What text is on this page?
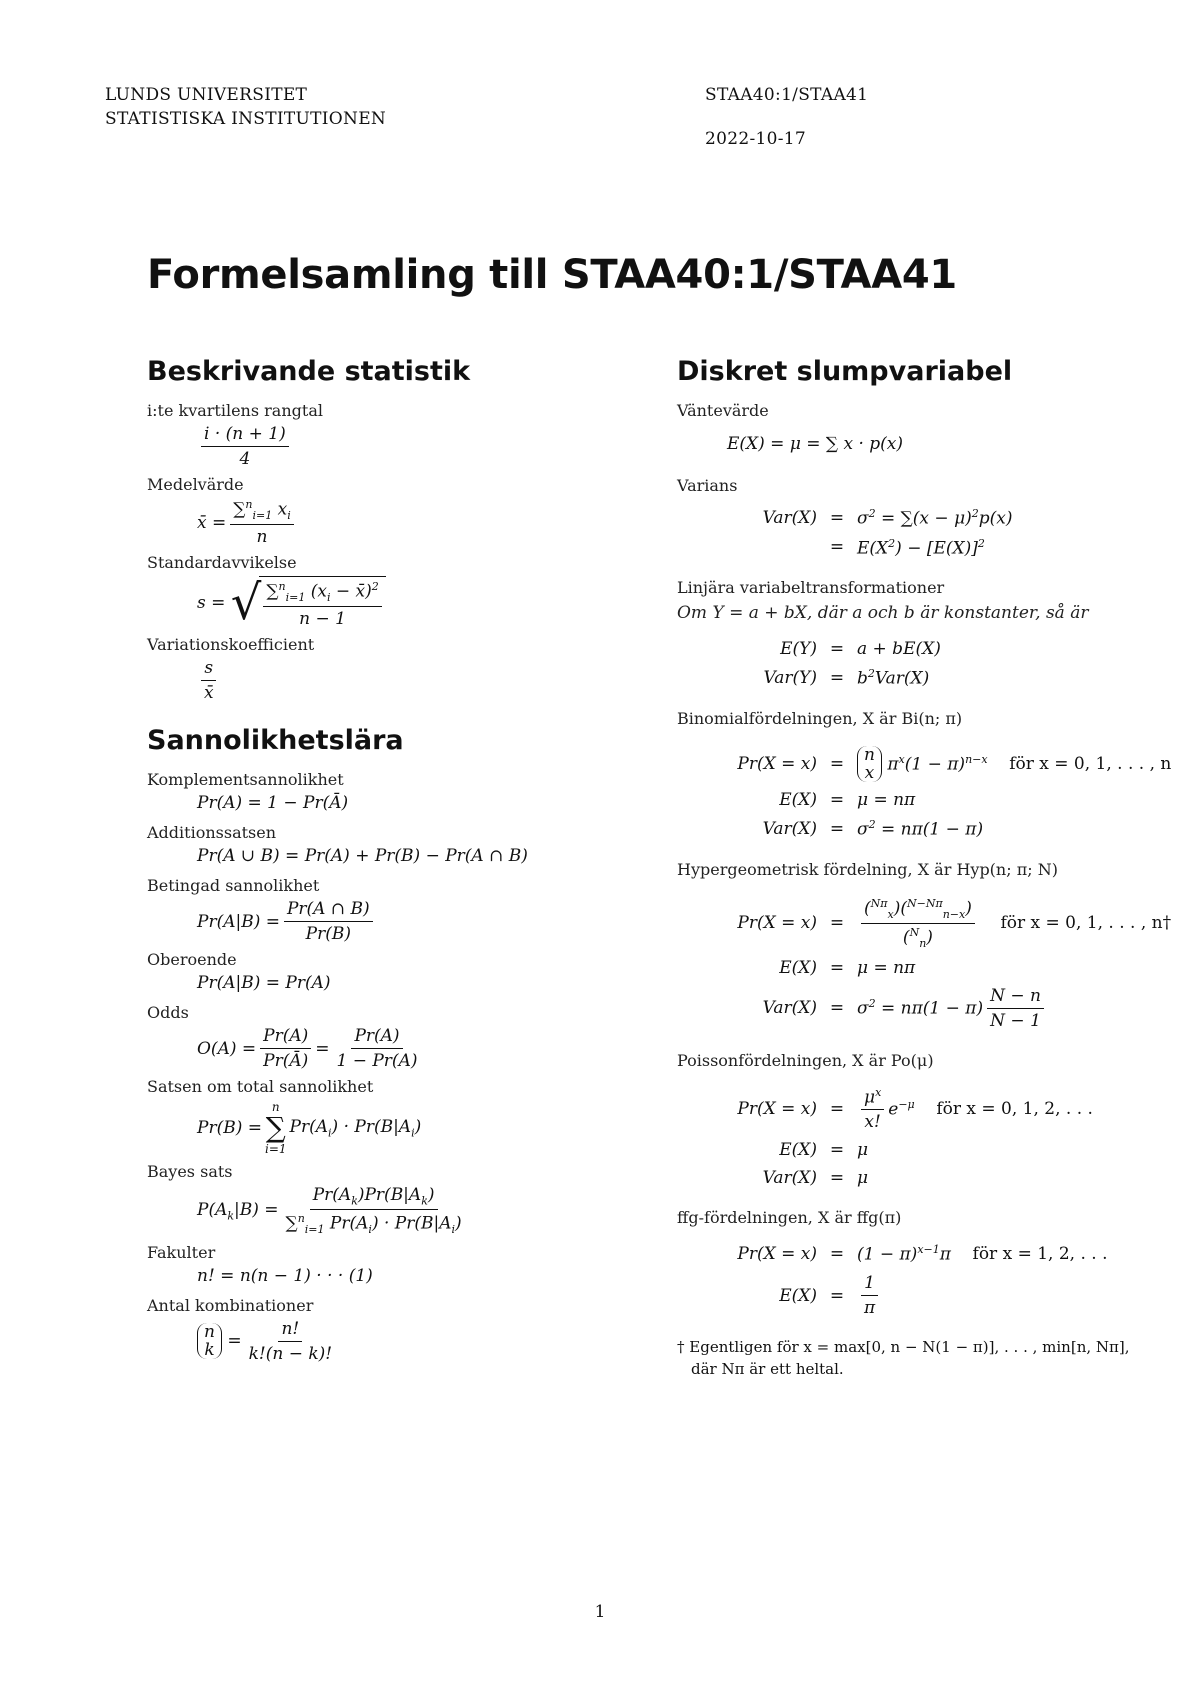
LUNDS UNIVERSITET
STATISTISKA INSTITUTIONEN
STAA40:1/STAA41
2022-10-17
Formelsamling till STAA40:1/STAA41
Beskrivande statistik
i:te kvartilens rangtal
$\frac{i \cdot (n + 1)}{4}$
Medelvärde
x̄ = $\frac{\sum^n_{i=1} x_i}{n}$
Standardavvikelse
s = √ $\frac{\sum^n_{i=1} (x_i - x̄)^2}{n - 1}$
Variationskoefficient
$\frac{s}{x̄}$
Sannolikhetslära
Komplementsannolikhet
Pr(A) = 1 − Pr(Ā)
Additionssatsen
Pr(A ∪ B) = Pr(A) + Pr(B) − Pr(A ∩ B)
Betingad sannolikhet
$Pr(A|B) = \frac{Pr(A \cap B)}{Pr(B)}$
Oberoende
Pr(A|B) = Pr(A)
Odds
$O(A) = \frac{Pr(A)}{Pr(Ā)} = \frac{Pr(A)}{1 - Pr(A)}$
Satsen om total sannolikhet
Pr(B) =
n
∑
i=1
$Pr(A_i) \cdot Pr(B|A_i)$
Bayes sats
$P(A_k|B) = \frac{Pr(A_k)Pr(B|A_k)}{\sum^n_{i=1} Pr(A_i) \cdot Pr(B|A_i)}$
Fakulter
n! = n(n − 1) · · · (1)
Antal kombinationer
n
$k = \frac{n!}{k!(n - k)!}$
Diskret slumpvariabel
Väntevärde
E(X) = μ = ∑ x · p(x)
Varians
$Var(X) = \sigma^2 = \sum(x - \mu)^2p(x)$
= $E(X^2) - [E(X)]^2$
Linjära variabeltransformationer
Om Y = a + bX, där a och b är konstanter, så är
E(Y) = a + bE(X)
$Var(Y) = b^2Var(X)$
Binomialfördelningen, X är Bi(n; π)
Pr(X = x) =	n
x $\pi^x(1 - \pi)^{n-x}$	för x = 0, 1, . . . , n
E(X) = μ = nπ
$Var(X) = \sigma^2 = n\pi(1 - \pi)$
Hypergeometrisk fördelning, X är Hyp(n; π; N)
Pr(X = x) =
($^{N\pi}_x$)($^{N-N\pi}_{n-x}$)
($^N_n$)

för x = 0, 1, . . . , n†
E(X) = μ = nπ
$Var(X) = \sigma^2 = n\pi(1 - \pi)$
N − n
N − 1
Poissonfördelningen, X är Po(μ)
Pr(X = x) =
$\mu^x$
x!
$e^{-\mu}$	för x = 0, 1, 2, . . .
E(X) = μ
Var(X) = μ
ffg-fördelningen, X är ffg(π)
$Pr(X = x) = (1 - \pi)^{x-1}\pi$ för x = 1, 2, . . .
$E(X) = \frac{1}{\pi}$
† Egentligen för x = max[0, n − N(1 − π)], . . . , min[n, Nπ],
där Nπ är ett heltal.
1
